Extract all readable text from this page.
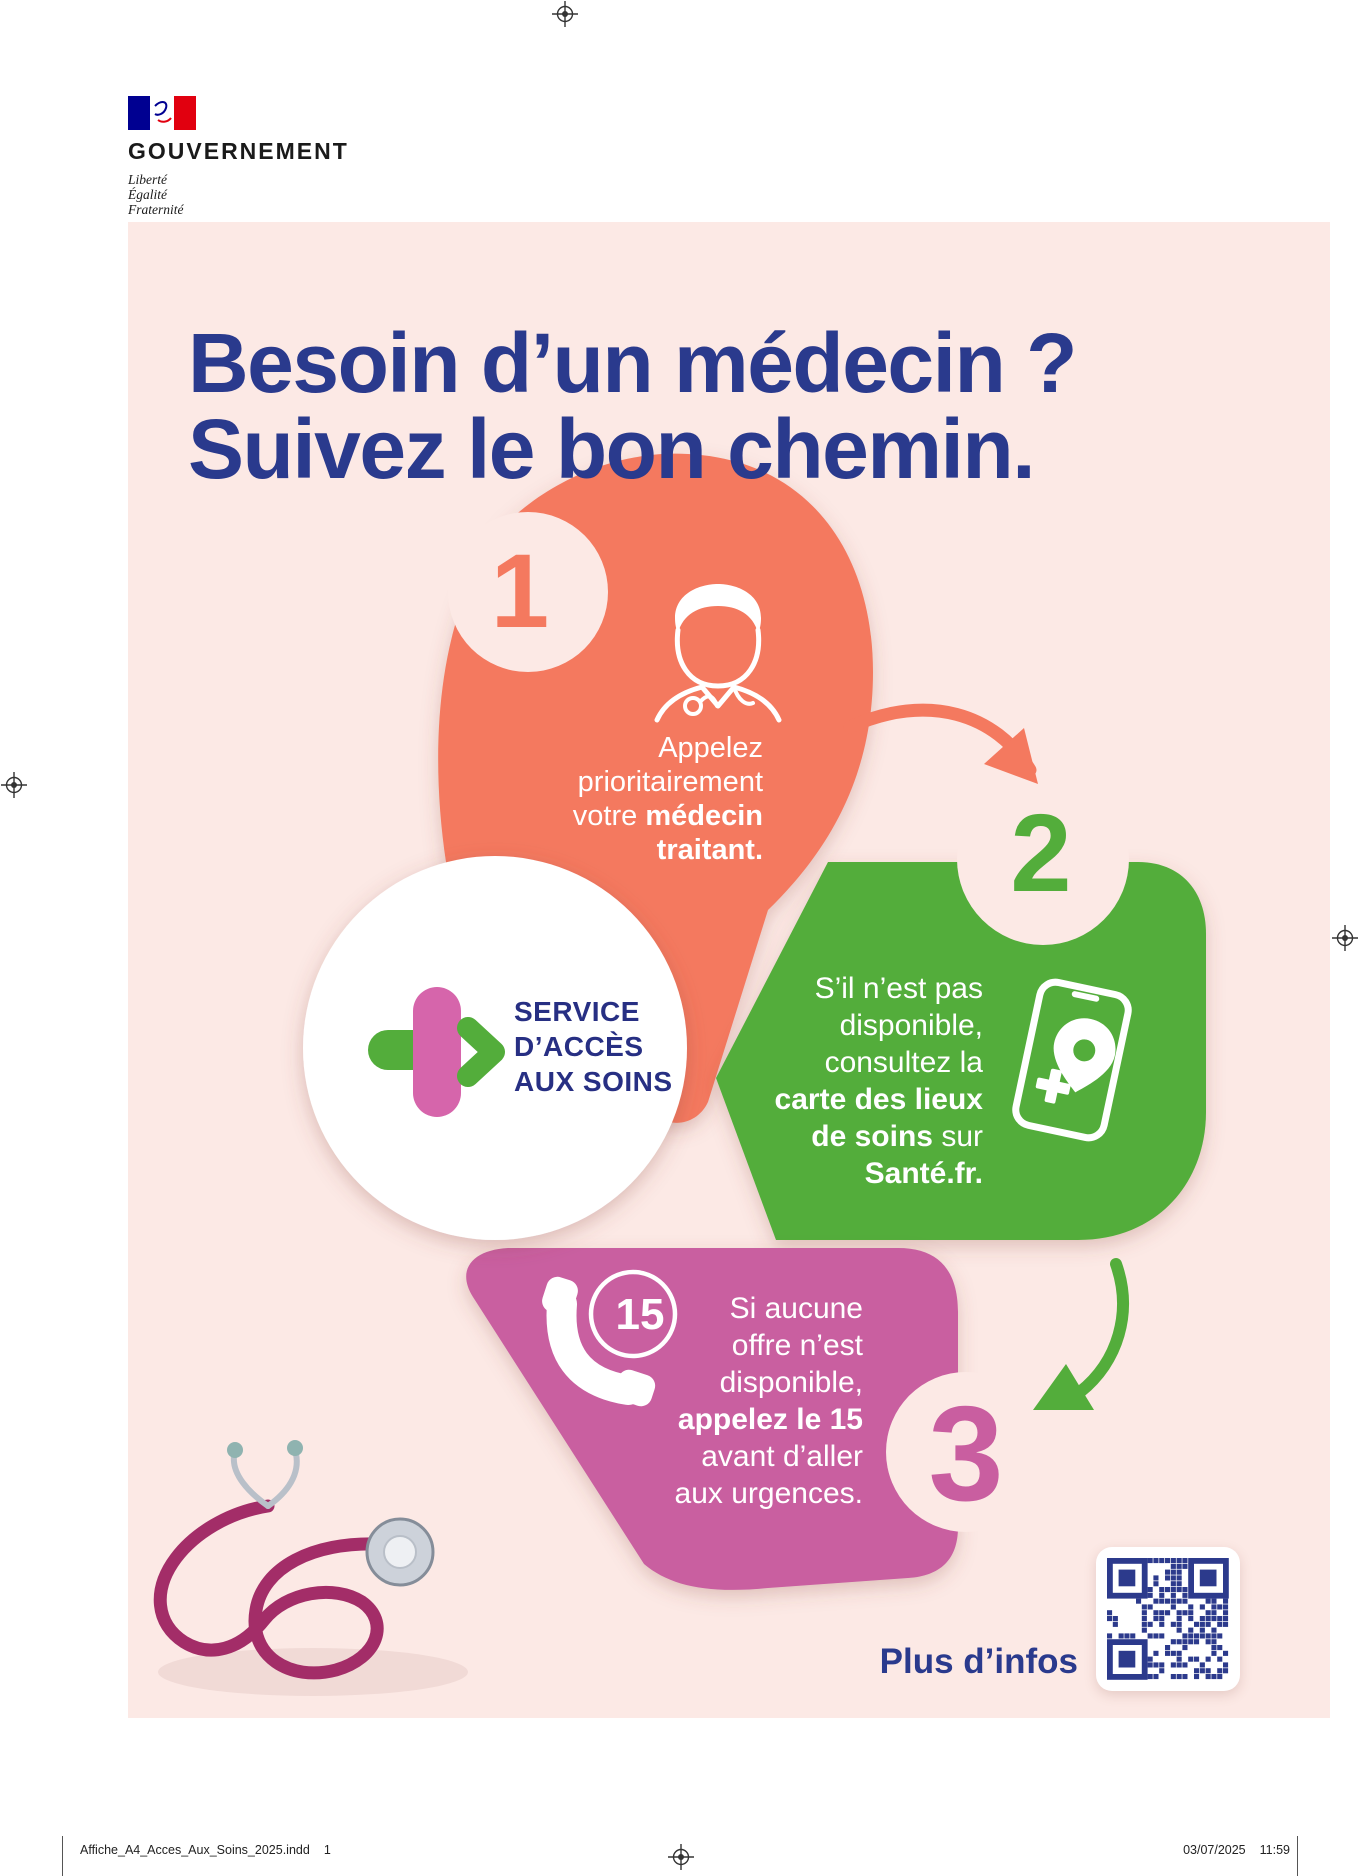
GOUVERNEMENT
Liberté
Égalité
Fraternité
15
Besoin d’un médecin ?
Suivez le bon chemin.
1
2
3
Appelez
prioritairement
votre médecin
traitant.
S’il n’est pas
disponible,
consultez la
carte des lieux
de soins sur
Santé.fr.
Si aucune
offre n’est
disponible,
appelez le 15
avant d’aller
aux urgences.
SERVICE
D’ACCÈS
AUX SOINS
Plus d’infos
Affiche_A4_Acces_Aux_Soins_2025.indd 1	03/07/2025 11:59
